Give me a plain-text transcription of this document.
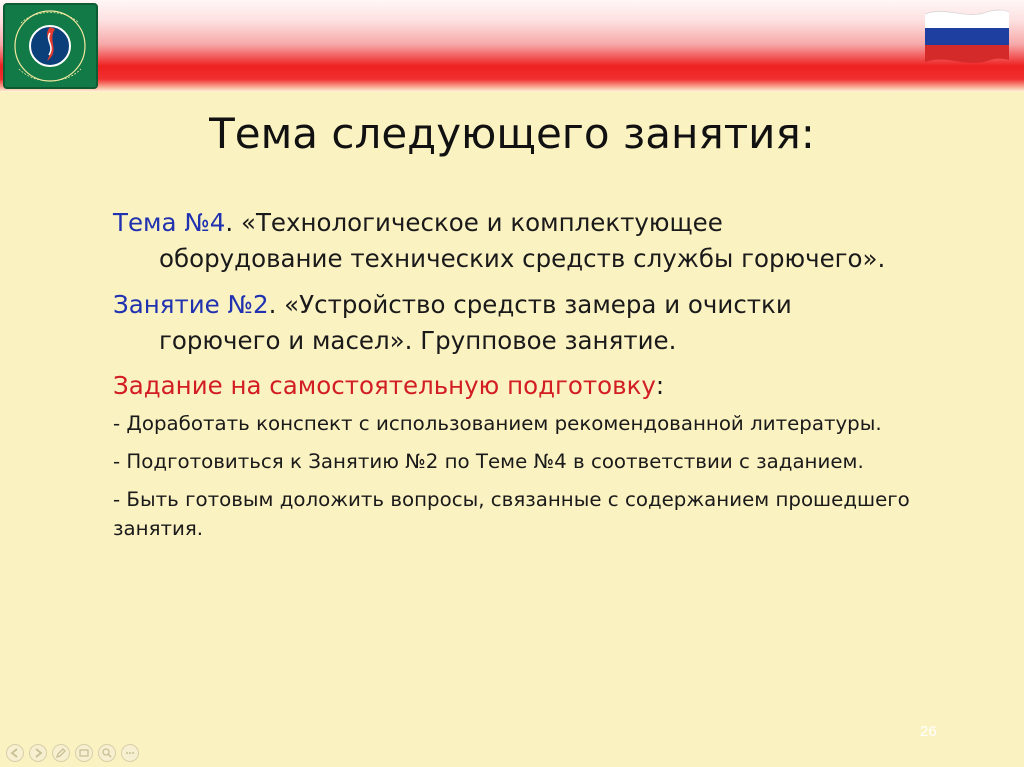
Тема следующего занятия:

Тема №4. «Технологическое и комплектующее оборудование технических средств службы горючего».

Занятие №2. «Устройство средств замера и очистки горючего и масел». Групповое занятие.

Задание на самостоятельную подготовку:

- Доработать конспект с использованием рекомендованной литературы.

- Подготовиться к Занятию №2 по Теме №4 в соответствии с заданием.

- Быть готовым доложить вопросы, связанные с содержанием прошедшего занятия.

26
